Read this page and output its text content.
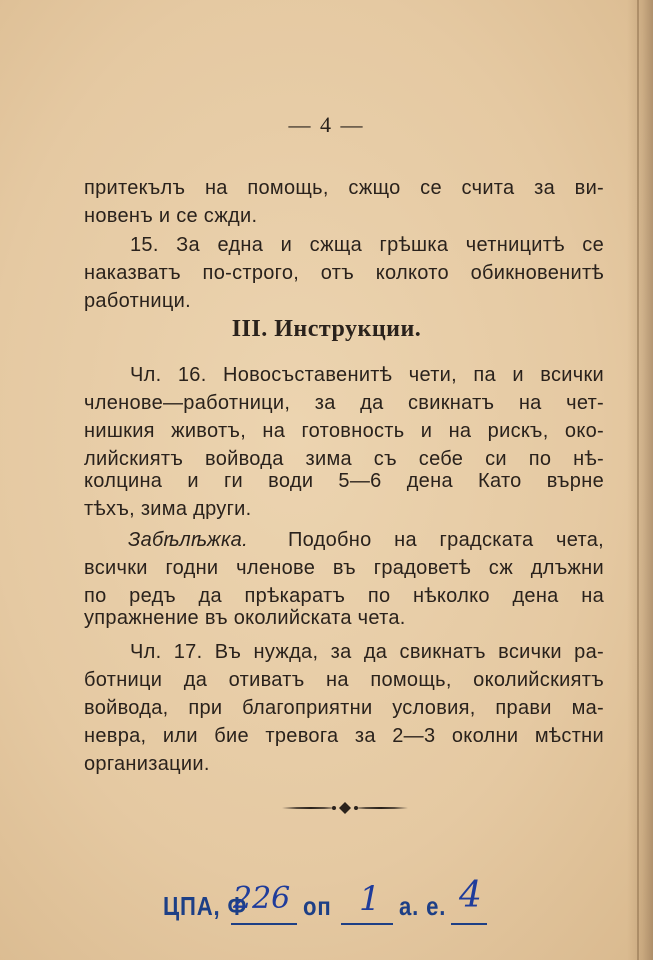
— 4 —
притекълъ на помощь, сжщо се счита за ви-
новенъ и се сжди.
15. За една и сжща грѣшка четницитѣ се
наказватъ по-строго, отъ колкото обикновенитѣ
работници.
III. Инструкции.
Чл. 16. Новосъставенитѣ чети, па и всички
членове—работници, за да свикнатъ на чет-
нишкия животъ, на готовность и на рискъ, око-
лийскиятъ войвода зима съ себе си по нѣ-
колцина и ги води 5—6 дена Като върне
тѣхъ, зима други.
Забѣлѣжка.	Подобно на градската чета,
всички годни членове въ градоветѣ сж длъжни
по редъ да прѣкаратъ по нѣколко дена на
упражнение въ околийската чета.
Чл. 17. Въ нужда, за да свикнатъ всички ра-
ботници да отиватъ на помощь, околийскиятъ
войвода, при благоприятни условия, прави ма-
невра, или бие тревога за 2—3 околни мѣстни
организации.
ЦПА, Ф
226 оп 1 а. е. 4
